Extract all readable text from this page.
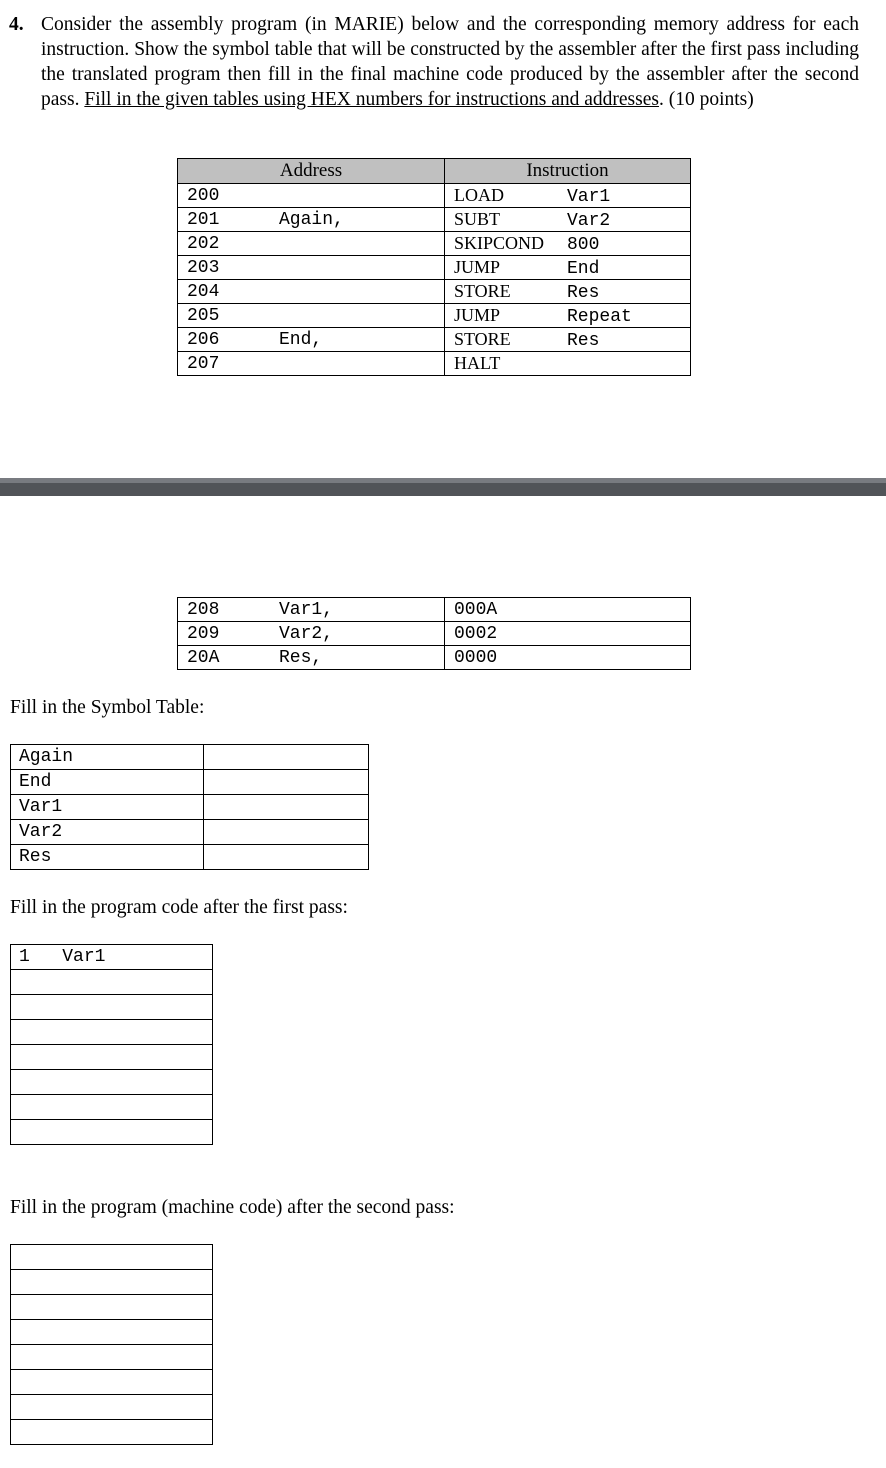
4. Consider the assembly program (in MARIE) below and the corresponding memory address for each instruction. Show the symbol table that will be constructed by the assembler after the first pass including the translated program then fill in the final machine code produced by the assembler after the second pass. Fill in the given tables using HEX numbers for instructions and addresses. (10 points)
Address		Instruction
200		LOAD Var1
201	Again,	SUBT Var2
202		SKIPCOND 800
203		JUMP End
204		STORE Res
205		JUMP Repeat
206	End,	STORE Res
207		HALT
208	Var1,	000A
209	Var2,	0002
20A	Res,	0000
Fill in the Symbol Table:
Again	
End	
Var1	
Var2	
Res	
Fill in the program code after the first pass:
1 Var1

Fill in the program (machine code) after the second pass:
